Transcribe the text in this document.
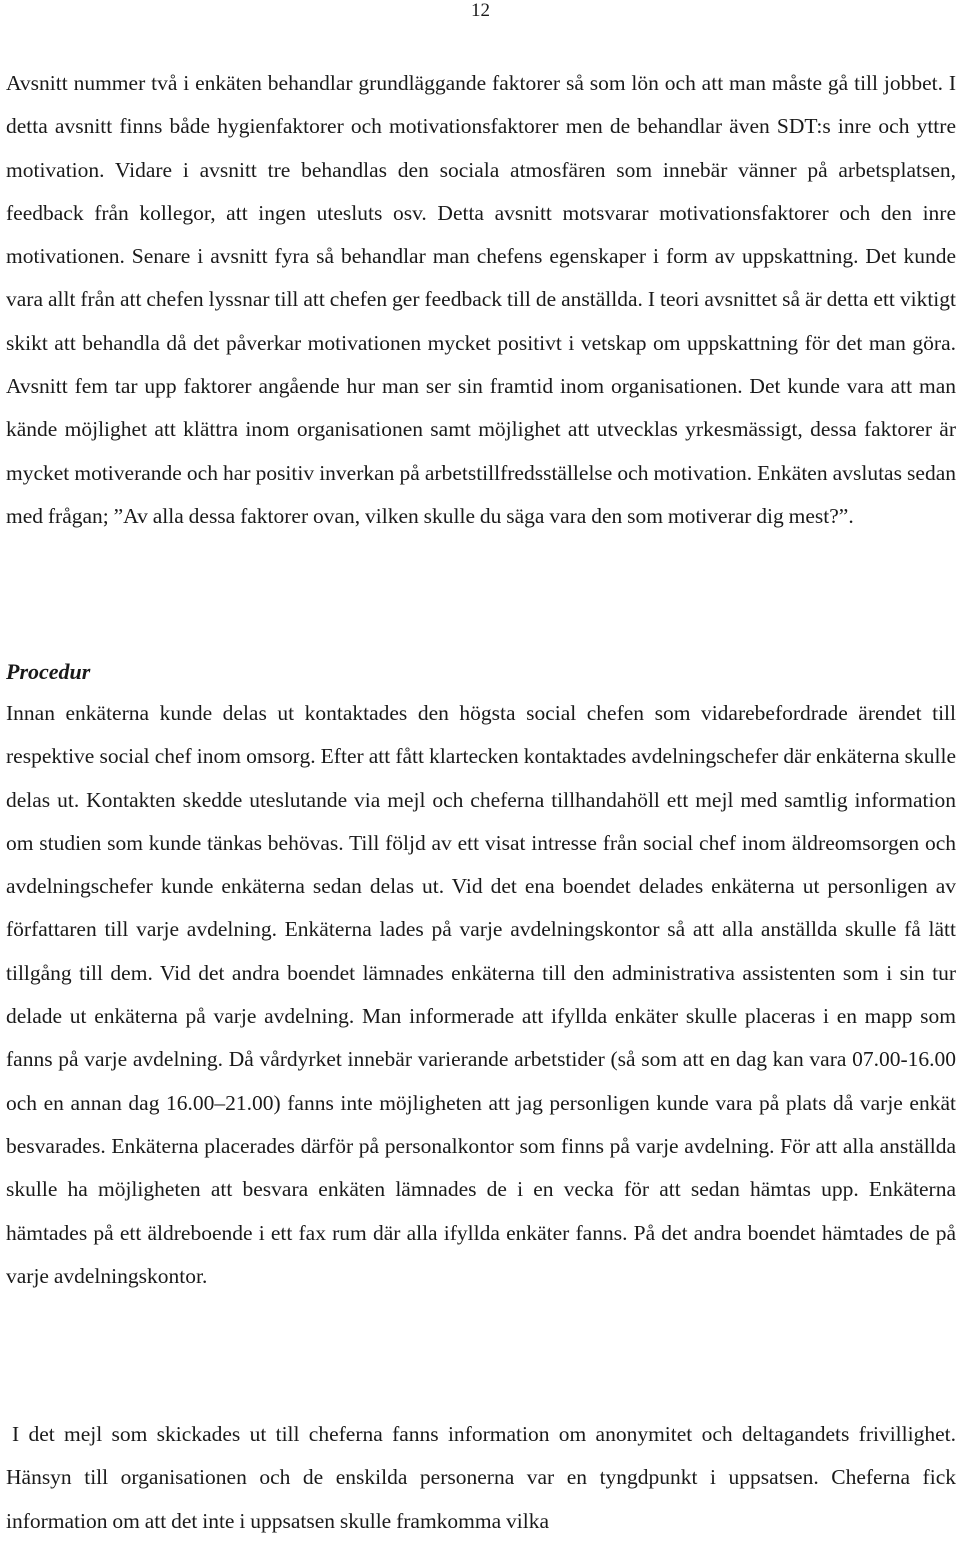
12

Avsnitt nummer två i enkäten behandlar grundläggande faktorer så som lön och att man måste gå till jobbet. I detta avsnitt finns både hygienfaktorer och motivationsfaktorer men de behandlar även SDT:s inre och yttre motivation. Vidare i avsnitt tre behandlas den sociala atmosfären som innebär vänner på arbetsplatsen, feedback från kollegor, att ingen utesluts osv. Detta avsnitt motsvarar motivationsfaktorer och den inre motivationen. Senare i avsnitt fyra så behandlar man chefens egenskaper i form av uppskattning. Det kunde vara allt från att chefen lyssnar till att chefen ger feedback till de anställda. I teori avsnittet så är detta ett viktigt skikt att behandla då det påverkar motivationen mycket positivt i vetskap om uppskattning för det man göra. Avsnitt fem tar upp faktorer angående hur man ser sin framtid inom organisationen. Det kunde vara att man kände möjlighet att klättra inom organisationen samt möjlighet att utvecklas yrkesmässigt, dessa faktorer är mycket motiverande och har positiv inverkan på arbetstillfredsställelse och motivation. Enkäten avslutas sedan med frågan; ”Av alla dessa faktorer ovan, vilken skulle du säga vara den som motiverar dig mest?”.

Procedur

Innan enkäterna kunde delas ut kontaktades den högsta social chefen som vidarebefordrade ärendet till respektive social chef inom omsorg. Efter att fått klartecken kontaktades avdelningschefer där enkäterna skulle delas ut. Kontakten skedde uteslutande via mejl och cheferna tillhandahöll ett mejl med samtlig information om studien som kunde tänkas behövas. Till följd av ett visat intresse från social chef inom äldreomsorgen och avdelningschefer kunde enkäterna sedan delas ut. Vid det ena boendet delades enkäterna ut personligen av författaren till varje avdelning. Enkäterna lades på varje avdelningskontor så att alla anställda skulle få lätt tillgång till dem. Vid det andra boendet lämnades enkäterna till den administrativa assistenten som i sin tur delade ut enkäterna på varje avdelning. Man informerade att ifyllda enkäter skulle placeras i en mapp som fanns på varje avdelning. Då vårdyrket innebär varierande arbetstider (så som att en dag kan vara 07.00-16.00 och en annan dag 16.00–21.00) fanns inte möjligheten att jag personligen kunde vara på plats då varje enkät besvarades. Enkäterna placerades därför på personalkontor som finns på varje avdelning. För att alla anställda skulle ha möjligheten att besvara enkäten lämnades de i en vecka för att sedan hämtas upp. Enkäterna hämtades på ett äldreboende i ett fax rum där alla ifyllda enkäter fanns. På det andra boendet hämtades de på varje avdelningskontor.

I det mejl som skickades ut till cheferna fanns information om anonymitet och deltagandets frivillighet. Hänsyn till organisationen och de enskilda personerna var en tyngdpunkt i uppsatsen. Cheferna fick information om att det inte i uppsatsen skulle framkomma vilka
